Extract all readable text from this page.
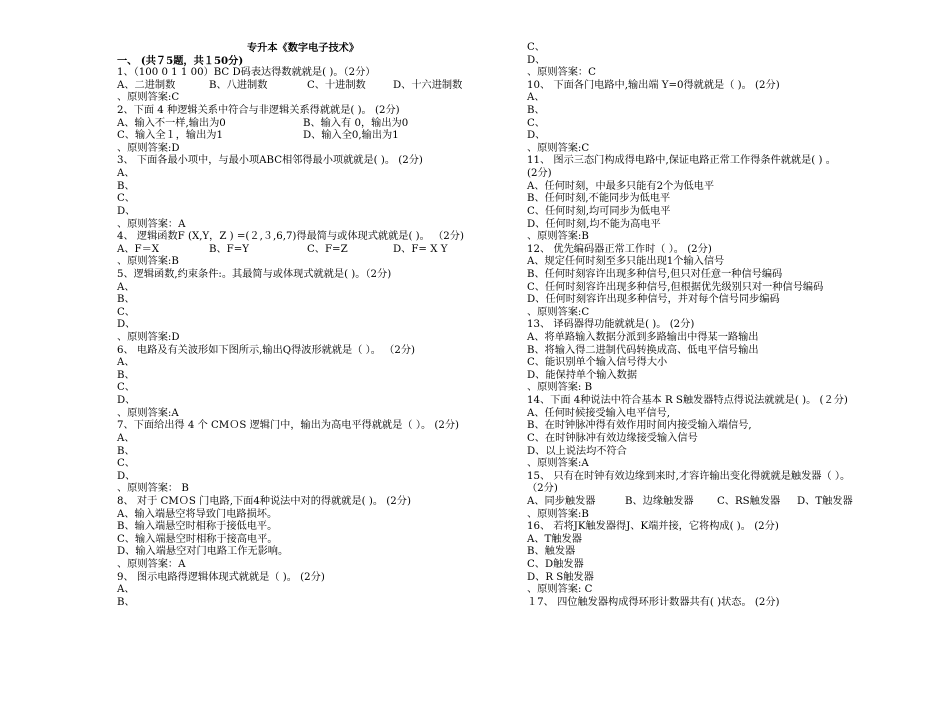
专升本《数字电子技术》
一、 (共７5题，共１50分)
1、（100 0 1 1 00）BC D码表达得数就就是( )。（2分）
A、二进制数	B、八进制数	C、十进制数	D、十六进制数
、原则答案:C
2、下面 4 种逻辑关系中符合与非逻辑关系得就就是( )。 (2分)
A、输入不一样,输出为0	B、输入有 0，输出为0
C、输入全１，输出为1	D、输入全0,输出为1
、原则答案:D
3、 下面各最小项中，与最小项ABC相邻得最小项就就是( )。 (2分)
A、
B、
C、
D、
、原则答案：A
4、 逻辑函数F (X,Y，Z ) =(２,３,6,7)得最简与或体现式就就是( )。 （2分)
A、F＝X	B、F=Y	C、F=Z	D、F= X Y
、原则答案:B
5、逻辑函数,约束条件:。其最简与或体现式就就是( )。（2分)
A、
B、
C、
D、
、原则答案:D
6、 电路及有关波形如下图所示,输出Q得波形就就是（ ）。 （2分)
A、
B、
C、
D、
、原则答案:A
7、下面给出得 4 个 CMＯS 逻辑门中，输出为高电平得就就是（ ）。 (2分)
A、
B、
C、
D、
、原则答案： B
8、 对于 CMＯS 门电路,下面4种说法中对的得就就是( )。 (2分)
A、输入端悬空将导致门电路损坏。
B、输入端悬空时相称于接低电平。
C、输入端悬空时相称于接高电平。
D、输入端悬空对门电路工作无影响。
、原则答案：A
9、 图示电路得逻辑体现式就就是（ )。 (2分)
A、
B、
C、
D、
、原则答案：C
10、 下面各门电路中,输出端 Y=0得就就是（ )。 (2分)
A、
B、
C、
D、
、原则答案:C
11、 图示三态门构成得电路中,保证电路正常工作得条件就就是( ) 。
(2分)
A、任何时刻，中最多只能有2个为低电平
B、任何时刻,不能同步为低电平
C、任何时刻,均可同步为低电平
D、任何时刻,均不能为高电平
、原则答案:B
12、 优先编码器正常工作时（ ）。 (2分)
A、规定任何时刻至多只能出现1个输入信号
B、任何时刻容许出现多种信号,但只对任意一种信号编码
C、任何时刻容许出现多种信号,但根据优先级别只对一种信号编码
D、任何时刻容许出现多种信号，并对每个信号同步编码
、原则答案:C
13、 译码器得功能就就是( )。 (2分)
A、将单路输入数据分派到多路输出中得某一路输出
B、将输入得二进制代码转换成高、低电平信号输出
C、能识别单个输入信号得大小
D、能保持单个输入数据
、原则答案: B
14、下面 4种说法中符合基本 R S触发器特点得说法就就是( )。 (２分)
A、任何时候接受输入电平信号,
B、在时钟脉冲得有效作用时间内接受输入端信号,
C、在时钟脉冲有效边缘接受输入信号
D、以上说法均不符合
、原则答案:A
15、 只有在时钟有效边缘到来时,才容许输出变化得就就是触发器（ ）。
（2分)
A、同步触发器	B、边缘触发器 C、RS触发器 D、T触发器
、原则答案:B
16、 若将JK触发器得J、K端并接，它将构成( )。 (2分)
A、T触发器
B、触发器
C、D触发器
D、R S触发器
、原则答案: C
１7、 四位触发器构成得环形计数器共有( )状态。 (2分)
